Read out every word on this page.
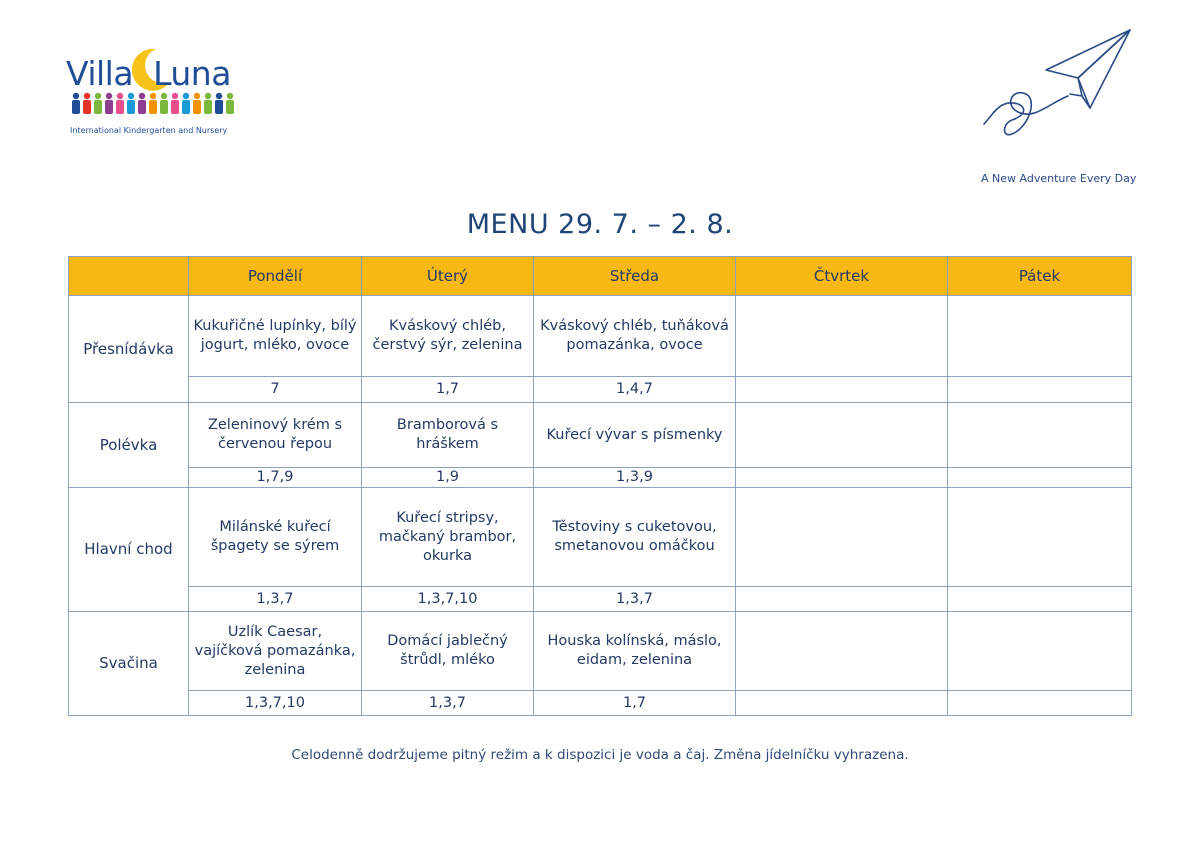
Villa Luna
International Kindergarten and Nursery
A New Adventure Every Day
MENU 29. 7. – 2. 8.
	Pondělí	Úterý	Středa	Čtvrtek	Pátek
Přesnídávka	Kukuřičné lupínky, bílý jogurt, mléko, ovoce	Kváskový chléb, čerstvý sýr, zelenina	Kváskový chléb, tuňáková pomazánka, ovoce		
	7	1,7	1,4,7		
Polévka	Zeleninový krém s červenou řepou	Bramborová s hráškem	Kuřecí vývar s písmenky		
	1,7,9	1,9	1,3,9		
Hlavní chod	Milánské kuřecí špagety se sýrem	Kuřecí stripsy, mačkaný brambor, okurka	Těstoviny s cuketovou, smetanovou omáčkou		
	1,3,7	1,3,7,10	1,3,7		
Svačina	Uzlík Caesar, vajíčková pomazánka, zelenina	Domácí jablečný štrůdl, mléko	Houska kolínská, máslo, eidam, zelenina		
	1,3,7,10	1,3,7	1,7		
Celodenně dodržujeme pitný režim a k dispozici je voda a čaj. Změna jídelníčku vyhrazena.
